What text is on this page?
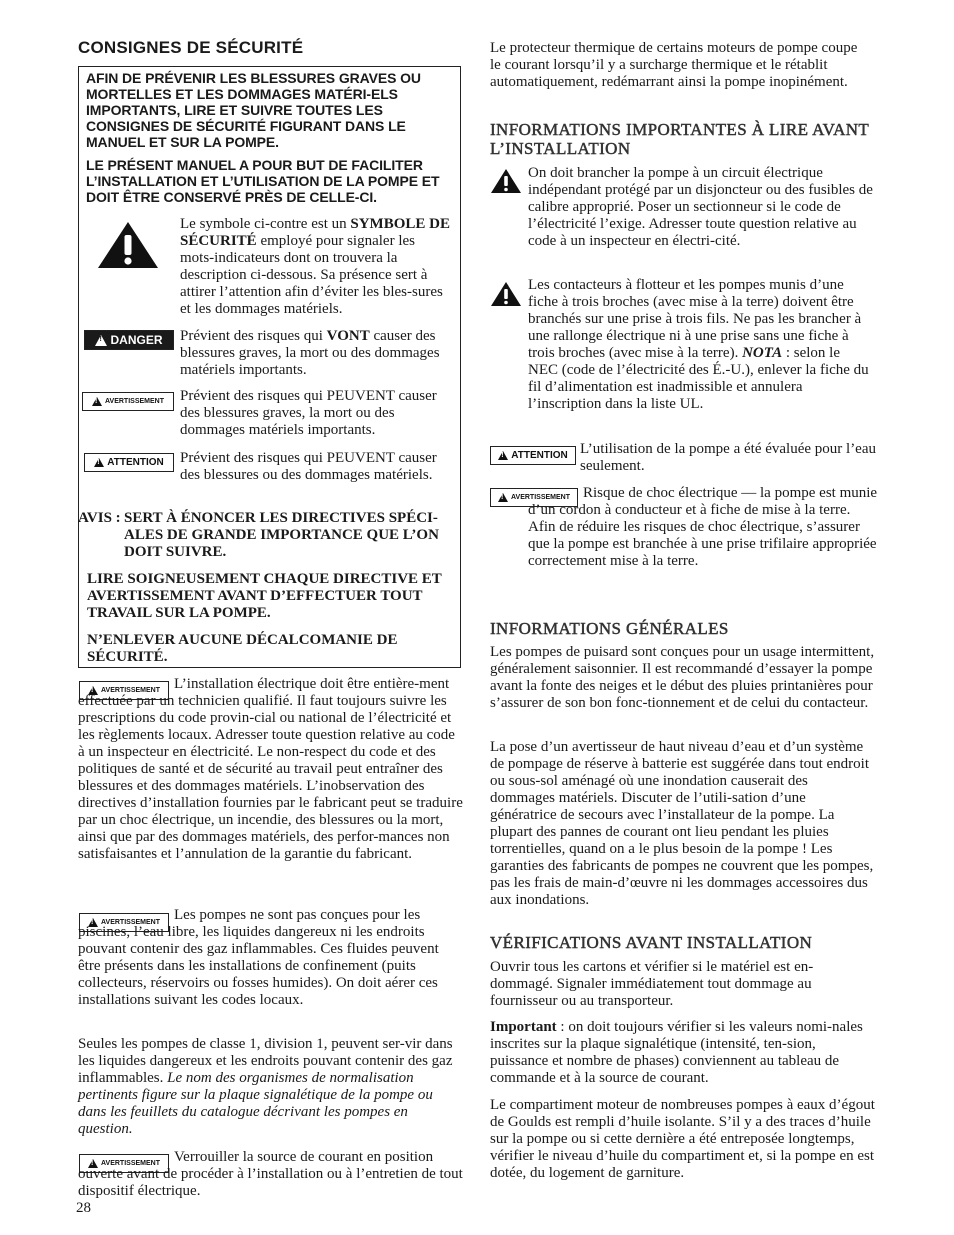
CONSIGNES DE SÉCURITÉ

AFIN DE PRÉVENIR LES BLESSURES GRAVES OU MORTELLES ET LES DOMMAGES MATÉRI-ELS IMPORTANTS, LIRE ET SUIVRE TOUTES LES CONSIGNES DE SÉCURITÉ FIGURANT DANS LE MANUEL ET SUR LA POMPE.

LE PRÉSENT MANUEL A POUR BUT DE FACILITER L’INSTALLATION ET L’UTILISATION DE LA POMPE ET DOIT ÊTRE CONSERVÉ PRÈS DE CELLE-CI.

Le symbole ci-contre est un SYMBOLE DE SÉCURITÉ employé pour signaler les mots-indicateurs dont on trouvera la description ci-dessous. Sa présence sert à attirer l’attention afin d’éviter les bles-sures et les dommages matériels.

!
DANGER Prévient des risques qui VONT causer des blessures graves, la mort ou des dommages matériels importants.

!
AVERTISSEMENT Prévient des risques qui PEUVENT causer des blessures graves, la mort ou des dommages matériels importants.

!
ATTENTION Prévient des risques qui PEUVENT causer des blessures ou des dommages matériels.

AVIS : SERT À ÉNONCER LES DIRECTIVES SPÉCI-ALES DE GRANDE IMPORTANCE QUE L’ON DOIT SUIVRE.

LIRE SOIGNEUSEMENT CHAQUE DIRECTIVE ET AVERTISSEMENT AVANT D’EFFECTUER TOUT TRAVAIL SUR LA POMPE.

N’ENLEVER AUCUNE DÉCALCOMANIE DE SÉCURITÉ.

!
AVERTISSEMENT L’installation électrique doit être entière-ment effectuée par un technicien qualifié. Il faut toujours suivre les prescriptions du code provin-cial ou national de l’électricité et les règlements locaux. Adresser toute question relative au code à un inspecteur en électricité. Le non-respect du code et des politiques de santé et de sécurité au travail peut entraîner des blessures et des dommages matériels. L’inobservation des directives d’installation fournies par le fabricant peut se traduire par un choc électrique, un incendie, des blessures ou la mort, ainsi que par des dommages matériels, des perfor-mances non satisfaisantes et l’annulation de la garantie du fabricant.

!
AVERTISSEMENT Les pompes ne sont pas conçues pour les piscines, l’eau libre, les liquides dangereux ni les endroits pouvant contenir des gaz inflammables. Ces fluides peuvent être présents dans les installations de confinement (puits collecteurs, réservoirs ou fosses humides). On doit aérer ces installations suivant les codes locaux.

Seules les pompes de classe 1, division 1, peuvent ser-vir dans les liquides dangereux et les endroits pouvant contenir des gaz inflammables. Le nom des organismes de normalisation pertinents figure sur la plaque signalétique de la pompe ou dans les feuillets du catalogue décrivant les pompes en question.

!
AVERTISSEMENT Verrouiller la source de courant en position ouverte avant de procéder à l’installation ou à l’entretien de tout dispositif électrique.

28

Le protecteur thermique de certains moteurs de pompe coupe le courant lorsqu’il y a surcharge thermique et le rétablit automatiquement, redémarrant ainsi la pompe inopinément.

INFORMATIONS IMPORTANTES À LIRE AVANT L’INSTALLATION

On doit brancher la pompe à un circuit électrique indépendant protégé par un disjoncteur ou des fusibles de calibre approprié. Poser un sectionneur si le code de l’électricité l’exige. Adresser toute question relative au code à un inspecteur en électri-cité.

Les contacteurs à flotteur et les pompes munis d’une fiche à trois broches (avec mise à la terre) doivent être branchés sur une prise à trois fils. Ne pas les brancher à une rallonge électrique ni à une prise sans une fiche à trois broches (avec mise à la terre). NOTA : selon le NEC (code de l’électricité des É.-U.), enlever la fiche du fil d’alimentation est inadmissible et annulera l’inscription dans la liste UL.

!
ATTENTION L’utilisation de la pompe a été évaluée pour l’eau seulement.

!
AVERTISSEMENT Risque de choc électrique — la pompe est munie d’un cordon à conducteur et à fiche de mise à la terre. Afin de réduire les risques de choc électrique, s’assurer que la pompe est branchée à une prise trifilaire appropriée correctement mise à la terre.

INFORMATIONS GÉNÉRALES

Les pompes de puisard sont conçues pour un usage intermittent, généralement saisonnier. Il est recommandé d’essayer la pompe avant la fonte des neiges et le début des pluies printanières pour s’assurer de son bon fonc-tionnement et de celui du contacteur.

La pose d’un avertisseur de haut niveau d’eau et d’un système de pompage de réserve à batterie est suggérée dans tout endroit ou sous-sol aménagé où une inondation causerait des dommages matériels. Discuter de l’utili-sation d’une génératrice de secours avec l’installateur de la pompe. La plupart des pannes de courant ont lieu pendant les pluies torrentielles, quand on a le plus besoin de la pompe ! Les garanties des fabricants de pompes ne couvrent que les pompes, pas les frais de main-d’œuvre ni les dommages accessoires dus aux inondations.

VÉRIFICATIONS AVANT INSTALLATION

Ouvrir tous les cartons et vérifier si le matériel est en-dommagé. Signaler immédiatement tout dommage au fournisseur ou au transporteur.

Important : on doit toujours vérifier si les valeurs nomi-nales inscrites sur la plaque signalétique (intensité, ten-sion, puissance et nombre de phases) conviennent au tableau de commande et à la source de courant.

Le compartiment moteur de nombreuses pompes à eaux d’égout de Goulds est rempli d’huile isolante. S’il y a des traces d’huile sur la pompe ou si cette dernière a été entreposée longtemps, vérifier le niveau d’huile du compartiment et, si la pompe en est dotée, du logement de garniture.
